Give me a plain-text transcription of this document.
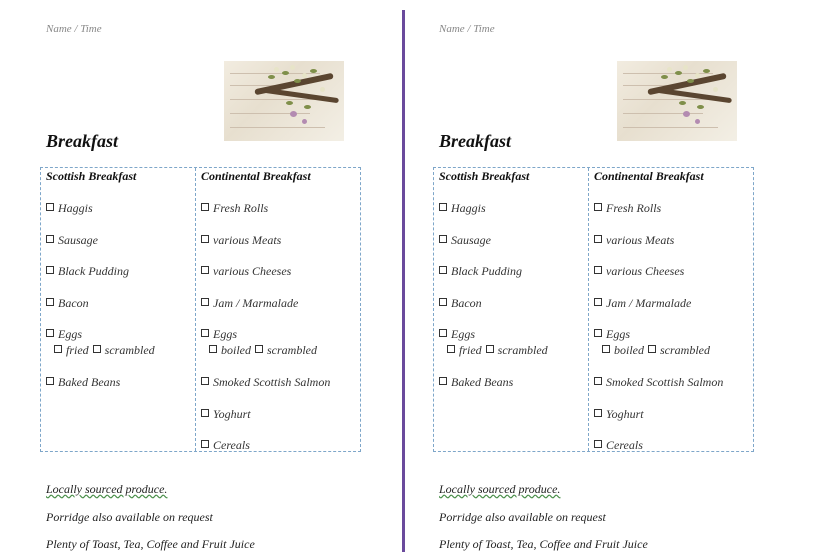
Name / Time
Breakfast
Scottish Breakfast
Haggis
Sausage
Black Pudding
Bacon
Eggs
fried scrambled
Baked Beans
Continental Breakfast
Fresh Rolls
various Meats
various Cheeses
Jam / Marmalade
Eggs
boiled scrambled
Smoked Scottish Salmon
Yoghurt
Cereals
Locally sourced produce.
Porridge also available on request
Plenty of Toast, Tea, Coffee and Fruit Juice
Name / Time
Breakfast
Scottish Breakfast
Haggis
Sausage
Black Pudding
Bacon
Eggs
fried scrambled
Baked Beans
Continental Breakfast
Fresh Rolls
various Meats
various Cheeses
Jam / Marmalade
Eggs
boiled scrambled
Smoked Scottish Salmon
Yoghurt
Cereals
Locally sourced produce.
Porridge also available on request
Plenty of Toast, Tea, Coffee and Fruit Juice
